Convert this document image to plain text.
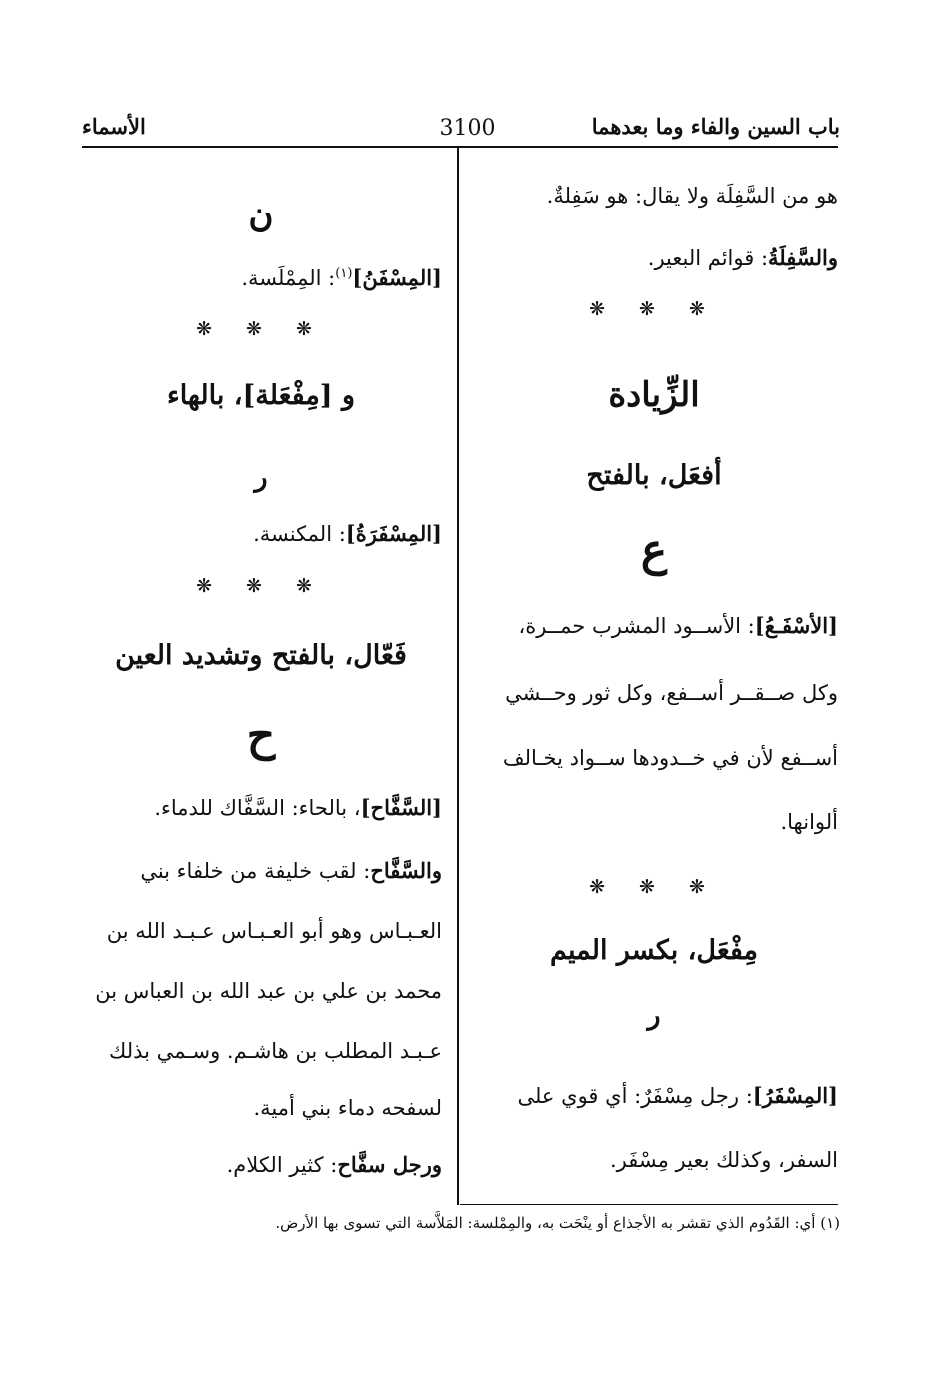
باب السين والفاء وما بعدهما
3100
الأسماء
هو من السَّفِلَة ولا يقال: هو سَفِلةٌ.
والسَّفِلَةُ: قوائم البعير.
❋ ❋ ❋
الزِّيادة
أفعَل، بالفتح
ع
[الأسْفَـعُ]: الأســود المشرب حمــرة،
وكل صــقــر أســفع، وكل ثور وحــشي
أســفع لأن في خــدودها ســواد يخـالف
ألوانها.
❋ ❋ ❋
مِفْعَل، بكسر الميم
ر
[المِسْفَرُ]: رجل مِسْفَرٌ: أي قوي على
السفر، وكذلك بعير مِسْفَر.
ن
[المِسْفَنُ]$^{(١)}$: المِمْلَسة.
❋ ❋ ❋
و [مِفْعَلة]، بالهاء
ر
[المِسْفَرَةُ]: المكنسة.
❋ ❋ ❋
فَعّال، بالفتح وتشديد العين
ح
[السَّفَّاح]، بالحاء: السَّفَّاك للدماء.
والسَّفَّاح: لقب خليفة من خلفاء بني
العـبـاس وهو أبو العـبـاس عـبـد الله بن
محمد بن علي بن عبد الله بن العباس بن
عـبـد المطلب بن هاشـم. وسـمي بذلك
لسفحه دماء بني أمية.
ورجل سفَّاح: كثير الكلام.
(١) أي: القَدُوم الذي تقشر به الأجذاع أو ينْحَت به، والمِمْلسة: المَلاَّسة التي تسوى بها الأرض.
